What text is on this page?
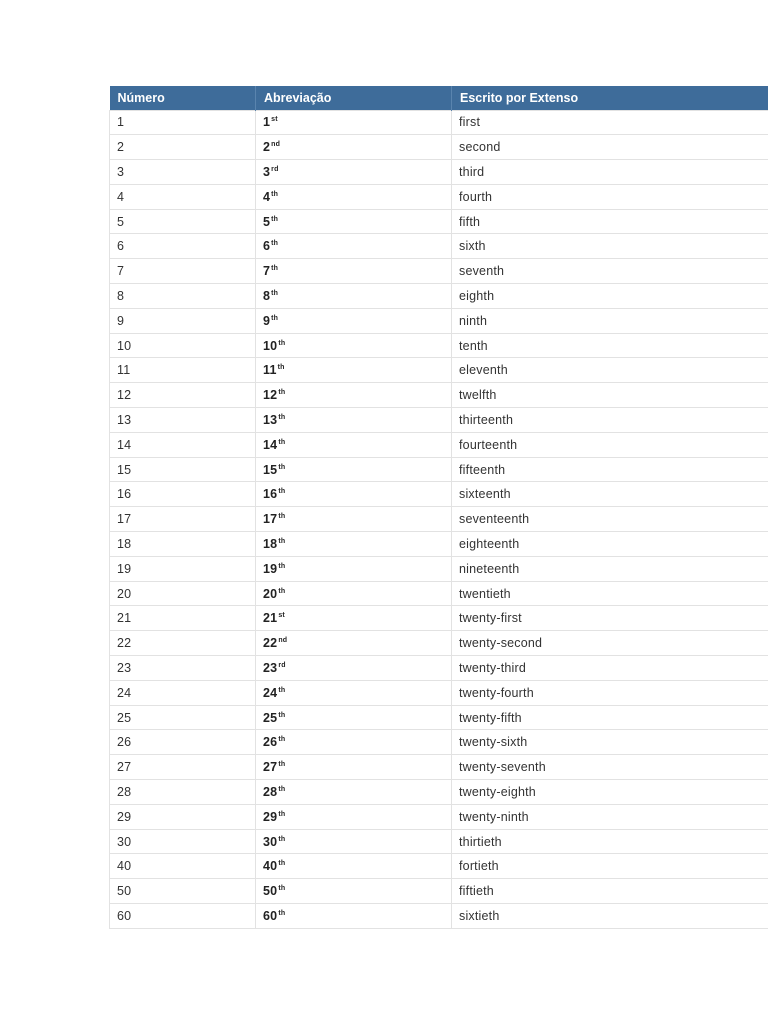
Número	Abreviação	Escrito por Extenso
1	1st	first
2	2nd	second
3	3rd	third
4	4th	fourth
5	5th	fifth
6	6th	sixth
7	7th	seventh
8	8th	eighth
9	9th	ninth
10	10th	tenth
11	11th	eleventh
12	12th	twelfth
13	13th	thirteenth
14	14th	fourteenth
15	15th	fifteenth
16	16th	sixteenth
17	17th	seventeenth
18	18th	eighteenth
19	19th	nineteenth
20	20th	twentieth
21	21st	twenty-first
22	22nd	twenty-second
23	23rd	twenty-third
24	24th	twenty-fourth
25	25th	twenty-fifth
26	26th	twenty-sixth
27	27th	twenty-seventh
28	28th	twenty-eighth
29	29th	twenty-ninth
30	30th	thirtieth
40	40th	fortieth
50	50th	fiftieth
60	60th	sixtieth
